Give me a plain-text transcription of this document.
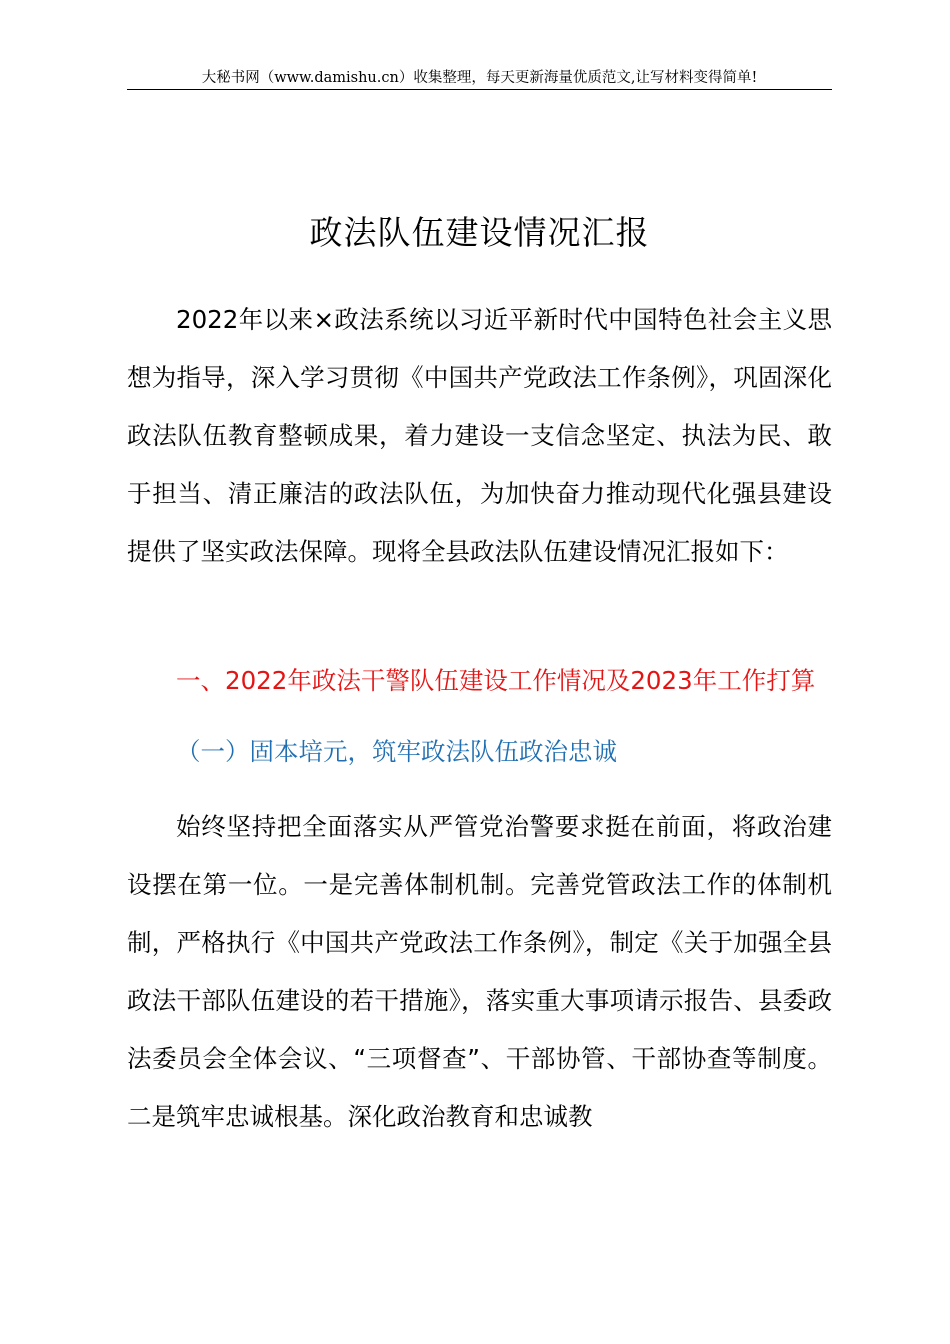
大秘书网（www.damishu.cn）收集整理，每天更新海量优质范文,让写材料变得简单!
政法队伍建设情况汇报

2022年以来×政法系统以习近平新时代中国特色社会主义思想为指导，深入学习贯彻《中国共产党政法工作条例》，巩固深化政法队伍教育整顿成果，着力建设一支信念坚定、执法为民、敢于担当、清正廉洁的政法队伍，为加快奋力推动现代化强县建设提供了坚实政法保障。现将全县政法队伍建设情况汇报如下：

一、2022年政法干警队伍建设工作情况及2023年工作打算
（一）固本培元，筑牢政法队伍政治忠诚

始终坚持把全面落实从严管党治警要求挺在前面，将政治建设摆在第一位。一是完善体制机制。完善党管政法工作的体制机制，严格执行《中国共产党政法工作条例》，制定《关于加强全县政法干部队伍建设的若干措施》，落实重大事项请示报告、县委政法委员会全体会议、“三项督查”、干部协管、干部协查等制度。二是筑牢忠诚根基。深化政治教育和忠诚教
